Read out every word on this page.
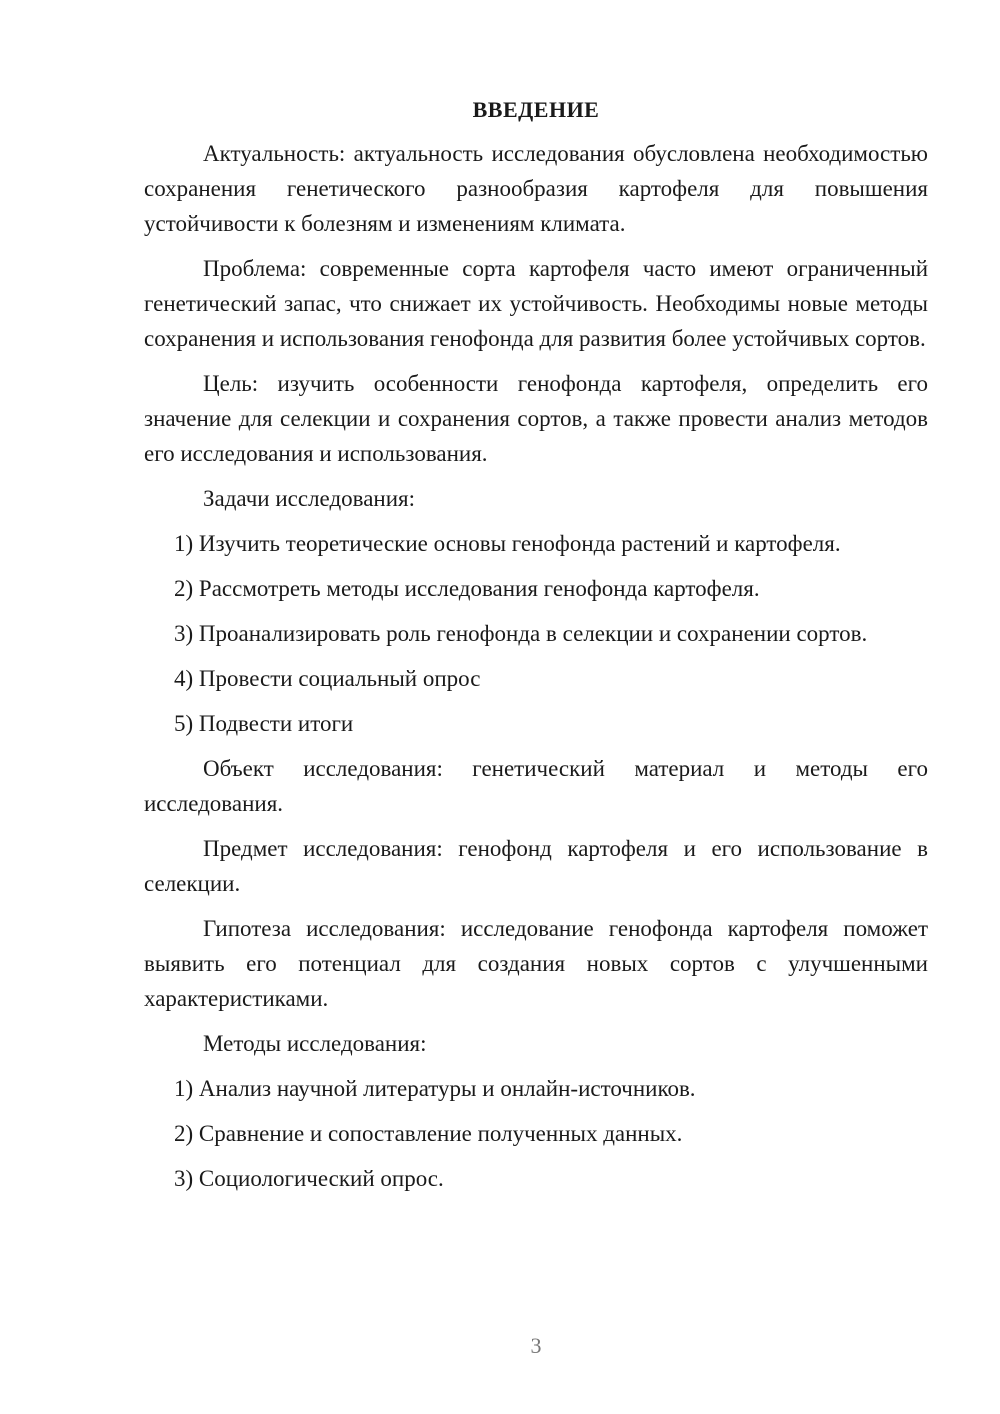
ВВЕДЕНИЕ

Актуальность: актуальность исследования обусловлена необходимостью сохранения генетического разнообразия картофеля для повышения устойчивости к болезням и изменениям климата.

Проблема: современные сорта картофеля часто имеют ограниченный генетический запас, что снижает их устойчивость. Необходимы новые методы сохранения и использования генофонда для развития более устойчивых сортов.

Цель: изучить особенности генофонда картофеля, определить его значение для селекции и сохранения сортов, а также провести анализ методов его исследования и использования.

Задачи исследования:

1) Изучить теоретические основы генофонда растений и картофеля.

2) Рассмотреть методы исследования генофонда картофеля.

3) Проанализировать роль генофонда в селекции и сохранении сортов.

4) Провести социальный опрос

5) Подвести итоги

Объект исследования: генетический материал и методы его исследования.

Предмет исследования: генофонд картофеля и его использование в селекции.

Гипотеза исследования: исследование генофонда картофеля поможет выявить его потенциал для создания новых сортов с улучшенными характеристиками.

Методы исследования:

1) Анализ научной литературы и онлайн-источников.

2) Сравнение и сопоставление полученных данных.

3) Социологический опрос.

3
